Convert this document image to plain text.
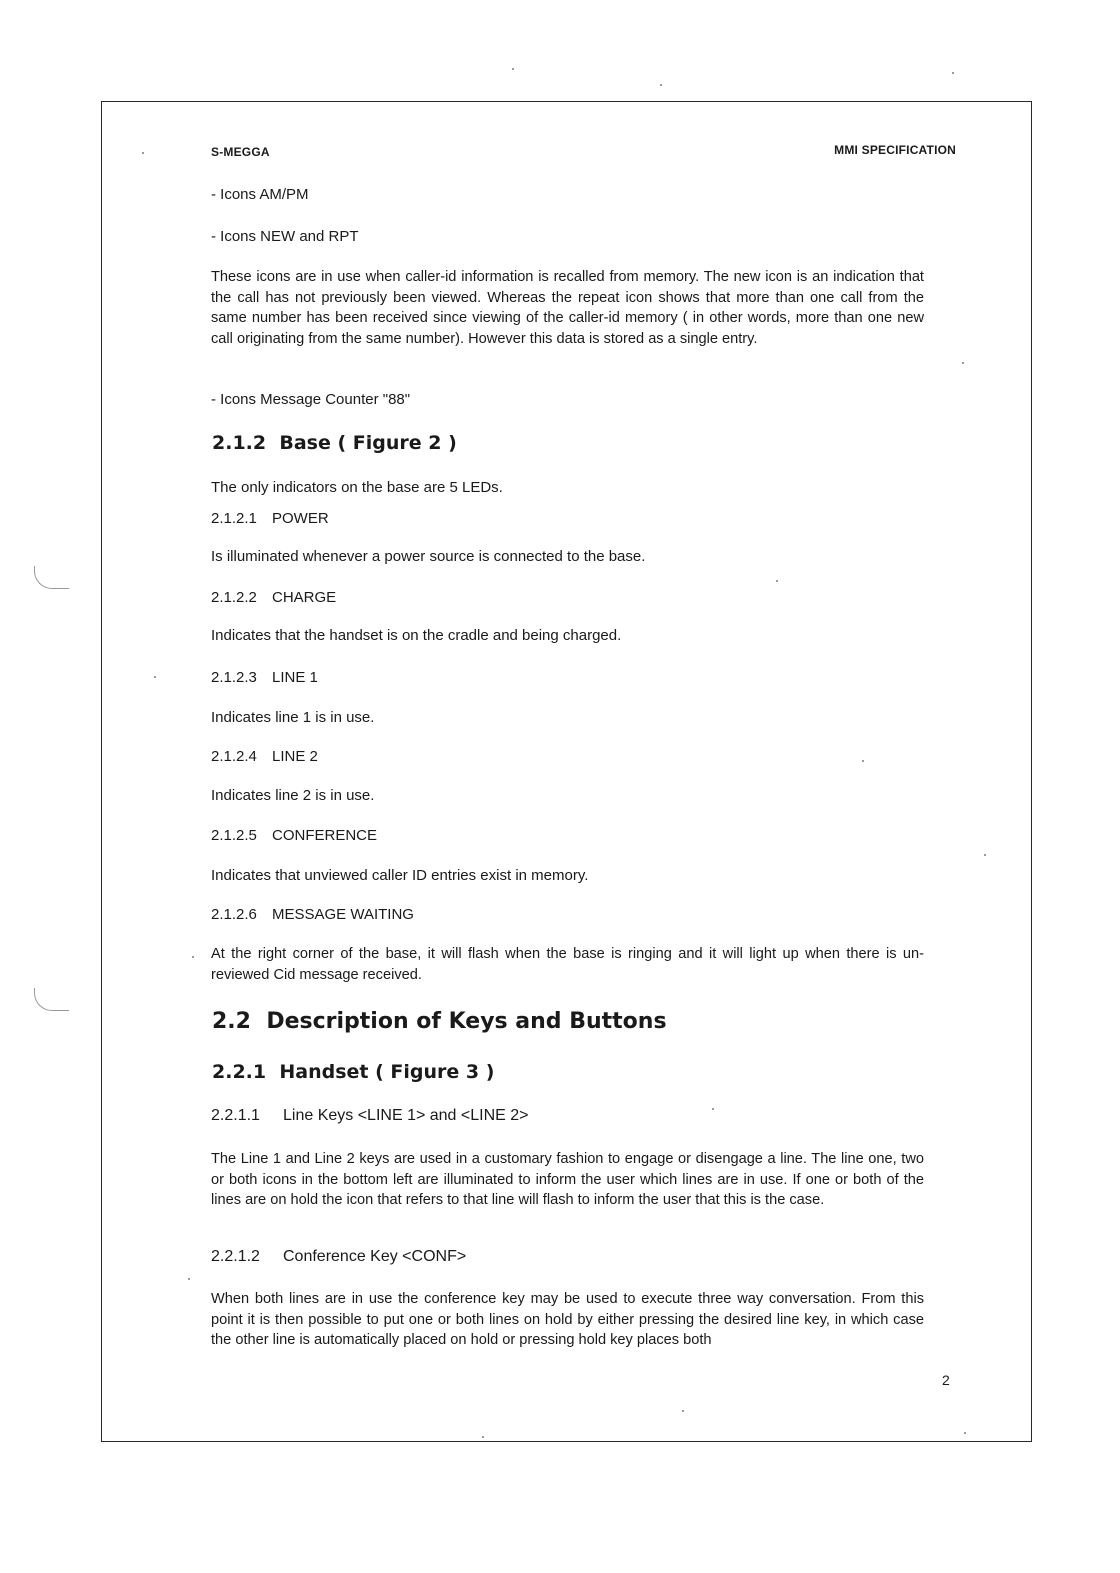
S-MEGGA	MMI SPECIFICATION

- Icons AM/PM

- Icons NEW and RPT

These icons are in use when caller-id information is recalled from memory. The new icon is an indication that the call has not previously been viewed. Whereas the repeat icon shows that more than one call from the same number has been received since viewing of the caller-id memory ( in other words, more than one new call originating from the same number). However this data is stored as a single entry.

- Icons Message Counter "88"

2.1.2 Base ( Figure 2 )

The only indicators on the base are 5 LEDs.

2.1.2.1 POWER

Is illuminated whenever a power source is connected to the base.

2.1.2.2 CHARGE

Indicates that the handset is on the cradle and being charged.

2.1.2.3 LINE 1

Indicates line 1 is in use.

2.1.2.4 LINE 2

Indicates line 2 is in use.

2.1.2.5 CONFERENCE

Indicates that unviewed caller ID entries exist in memory.

2.1.2.6 MESSAGE WAITING

At the right corner of the base, it will flash when the base is ringing and it will light up when there is un-reviewed Cid message received.

2.2 Description of Keys and Buttons
2.2.1 Handset ( Figure 3 )
2.2.1.1 Line Keys <LINE 1> and <LINE 2>

The Line 1 and Line 2 keys are used in a customary fashion to engage or disengage a line. The line one, two or both icons in the bottom left are illuminated to inform the user which lines are in use. If one or both of the lines are on hold the icon that refers to that line will flash to inform the user that this is the case.

2.2.1.2 Conference Key <CONF>

When both lines are in use the conference key may be used to execute three way conversation. From this point it is then possible to put one or both lines on hold by either pressing the desired line key, in which case the other line is automatically placed on hold or pressing hold key places both

2
